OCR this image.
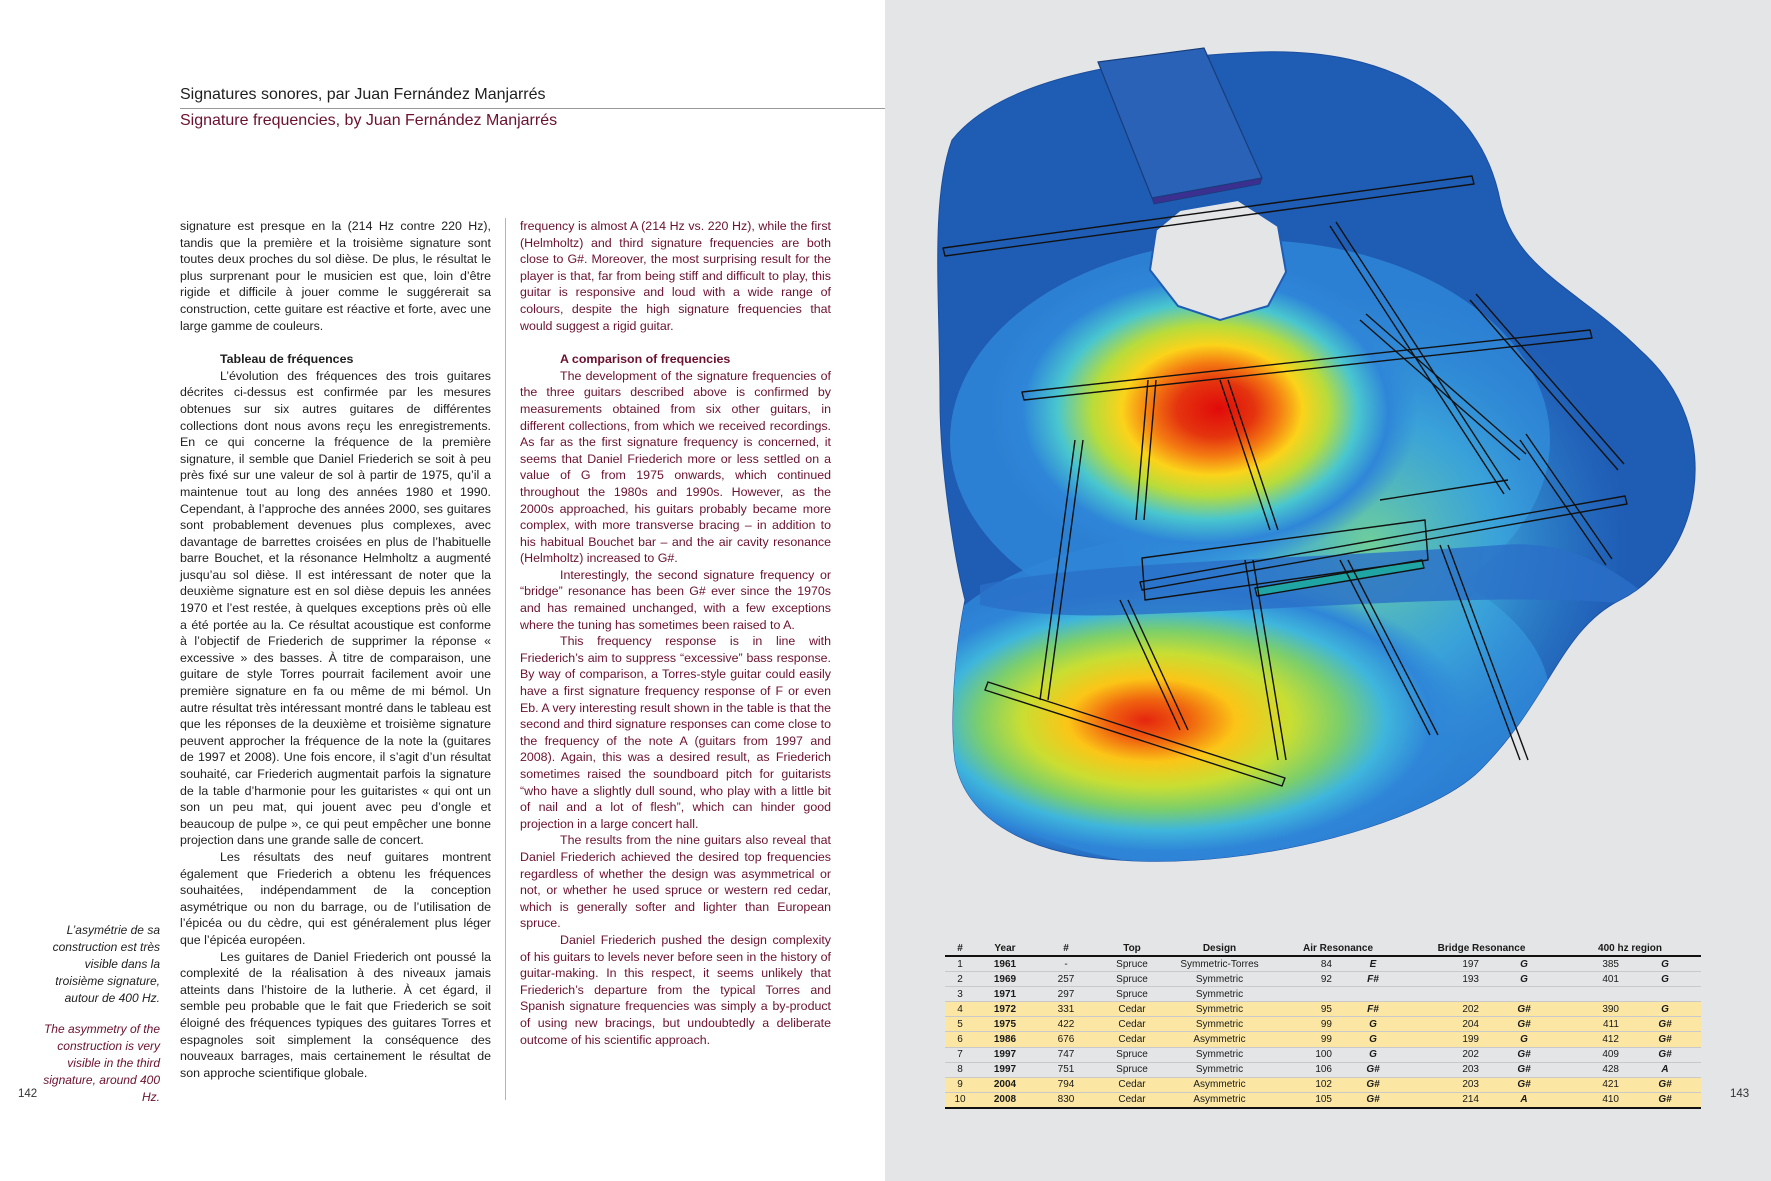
Signatures sonores, par Juan Fernández Manjarrés
Signature frequencies, by Juan Fernández Manjarrés
L’asymétrie de sa construction est très visible dans la troisième signature, autour de 400 Hz.
The asymmetry of the construction is very visible in the third signature, around 400 Hz.
142

signature est presque en la (214 Hz contre 220 Hz), tandis que la première et la troisième signature sont toutes deux proches du sol dièse. De plus, le résultat le plus surprenant pour le musicien est que, loin d’être rigide et difficile à jouer comme le suggérerait sa construction, cette guitare est réactive et forte, avec une large gamme de couleurs.

Tableau de fréquences

L’évolution des fréquences des trois guitares décrites ci-dessus est confirmée par les mesures obtenues sur six autres guitares de différentes collections dont nous avons reçu les enregistrements. En ce qui concerne la fréquence de la première signature, il semble que Daniel Friederich se soit à peu près fixé sur une valeur de sol à partir de 1975, qu’il a maintenue tout au long des années 1980 et 1990. Cependant, à l’approche des années 2000, ses guitares sont probablement devenues plus complexes, avec davantage de barrettes croisées en plus de l’habituelle barre Bouchet, et la résonance Helmholtz a augmenté jusqu’au sol dièse. Il est intéressant de noter que la deuxième signature est en sol dièse depuis les années 1970 et l’est restée, à quelques exceptions près où elle a été portée au la. Ce résultat acoustique est conforme à l’objectif de Friederich de supprimer la réponse « excessive » des basses. À titre de comparaison, une guitare de style Torres pourrait facilement avoir une première signature en fa ou même de mi bémol. Un autre résultat très intéressant montré dans le tableau est que les réponses de la deuxième et troisième signature peuvent approcher la fréquence de la note la (guitares de 1997 et 2008). Une fois encore, il s’agit d’un résultat souhaité, car Friederich augmentait parfois la signature de la table d’harmonie pour les guitaristes « qui ont un son un peu mat, qui jouent avec peu d’ongle et beaucoup de pulpe », ce qui peut empêcher une bonne projection dans une grande salle de concert.

Les résultats des neuf guitares montrent également que Friederich a obtenu les fréquences souhaitées, indépendamment de la conception asymétrique ou non du barrage, ou de l’utilisation de l’épicéa ou du cèdre, qui est généralement plus léger que l’épicéa européen.

Les guitares de Daniel Friederich ont poussé la complexité de la réalisation à des niveaux jamais atteints dans l’histoire de la lutherie. À cet égard, il semble peu probable que le fait que Friederich se soit éloigné des fréquences typiques des guitares Torres et espagnoles soit simplement la conséquence des nouveaux barrages, mais certainement le résultat de son approche scientifique globale.

frequency is almost A (214 Hz vs. 220 Hz), while the first (Helmholtz) and third signature frequencies are both close to G#. Moreover, the most surprising result for the player is that, far from being stiff and difficult to play, this guitar is responsive and loud with a wide range of colours, despite the high signature frequencies that would suggest a rigid guitar.

A comparison of frequencies

The development of the signature frequencies of the three guitars described above is confirmed by measurements obtained from six other guitars, in different collections, from which we received recordings. As far as the first signature frequency is concerned, it seems that Daniel Friederich more or less settled on a value of G from 1975 onwards, which continued throughout the 1980s and 1990s. However, as the 2000s approached, his guitars probably became more complex, with more transverse bracing – in addition to his habitual Bouchet bar – and the air cavity resonance (Helmholtz) increased to G#.

Interestingly, the second signature frequency or “bridge” resonance has been G# ever since the 1970s and has remained unchanged, with a few exceptions where the tuning has sometimes been raised to A.

This frequency response is in line with Friederich’s aim to suppress “excessive” bass response. By way of comparison, a Torres-style guitar could easily have a first signature frequency response of F or even Eb. A very interesting result shown in the table is that the second and third signature responses can come close to the frequency of the note A (guitars from 1997 and 2008). Again, this was a desired result, as Friederich sometimes raised the soundboard pitch for guitarists “who have a slightly dull sound, who play with a little bit of nail and a lot of flesh”, which can hinder good projection in a large concert hall.

The results from the nine guitars also reveal that Daniel Friederich achieved the desired top frequencies regardless of whether the design was asymmetrical or not, or whether he used spruce or western red cedar, which is generally softer and lighter than European spruce.

Daniel Friederich pushed the design complexity of his guitars to levels never before seen in the history of guitar-making. In this respect, it seems unlikely that Friederich’s departure from the typical Torres and Spanish signature frequencies was simply a by-product of using new bracings, but undoubtedly a deliberate outcome of his scientific approach.

#	Year	#	Top	Design	Air Resonance		Bridge Resonance		400 hz region	
1	1961	-	Spruce	Symmetric-Torres	84	E	197	G	385	G
2	1969	257	Spruce	Symmetric	92	F#	193	G	401	G
3	1971	297	Spruce	Symmetric						
4	1972	331	Cedar	Symmetric	95	F#	202	G#	390	G
5	1975	422	Cedar	Symmetric	99	G	204	G#	411	G#
6	1986	676	Cedar	Asymmetric	99	G	199	G	412	G#
7	1997	747	Spruce	Symmetric	100	G	202	G#	409	G#
8	1997	751	Spruce	Symmetric	106	G#	203	G#	428	A
9	2004	794	Cedar	Asymmetric	102	G#	203	G#	421	G#
10	2008	830	Cedar	Asymmetric	105	G#	214	A	410	G#	143
